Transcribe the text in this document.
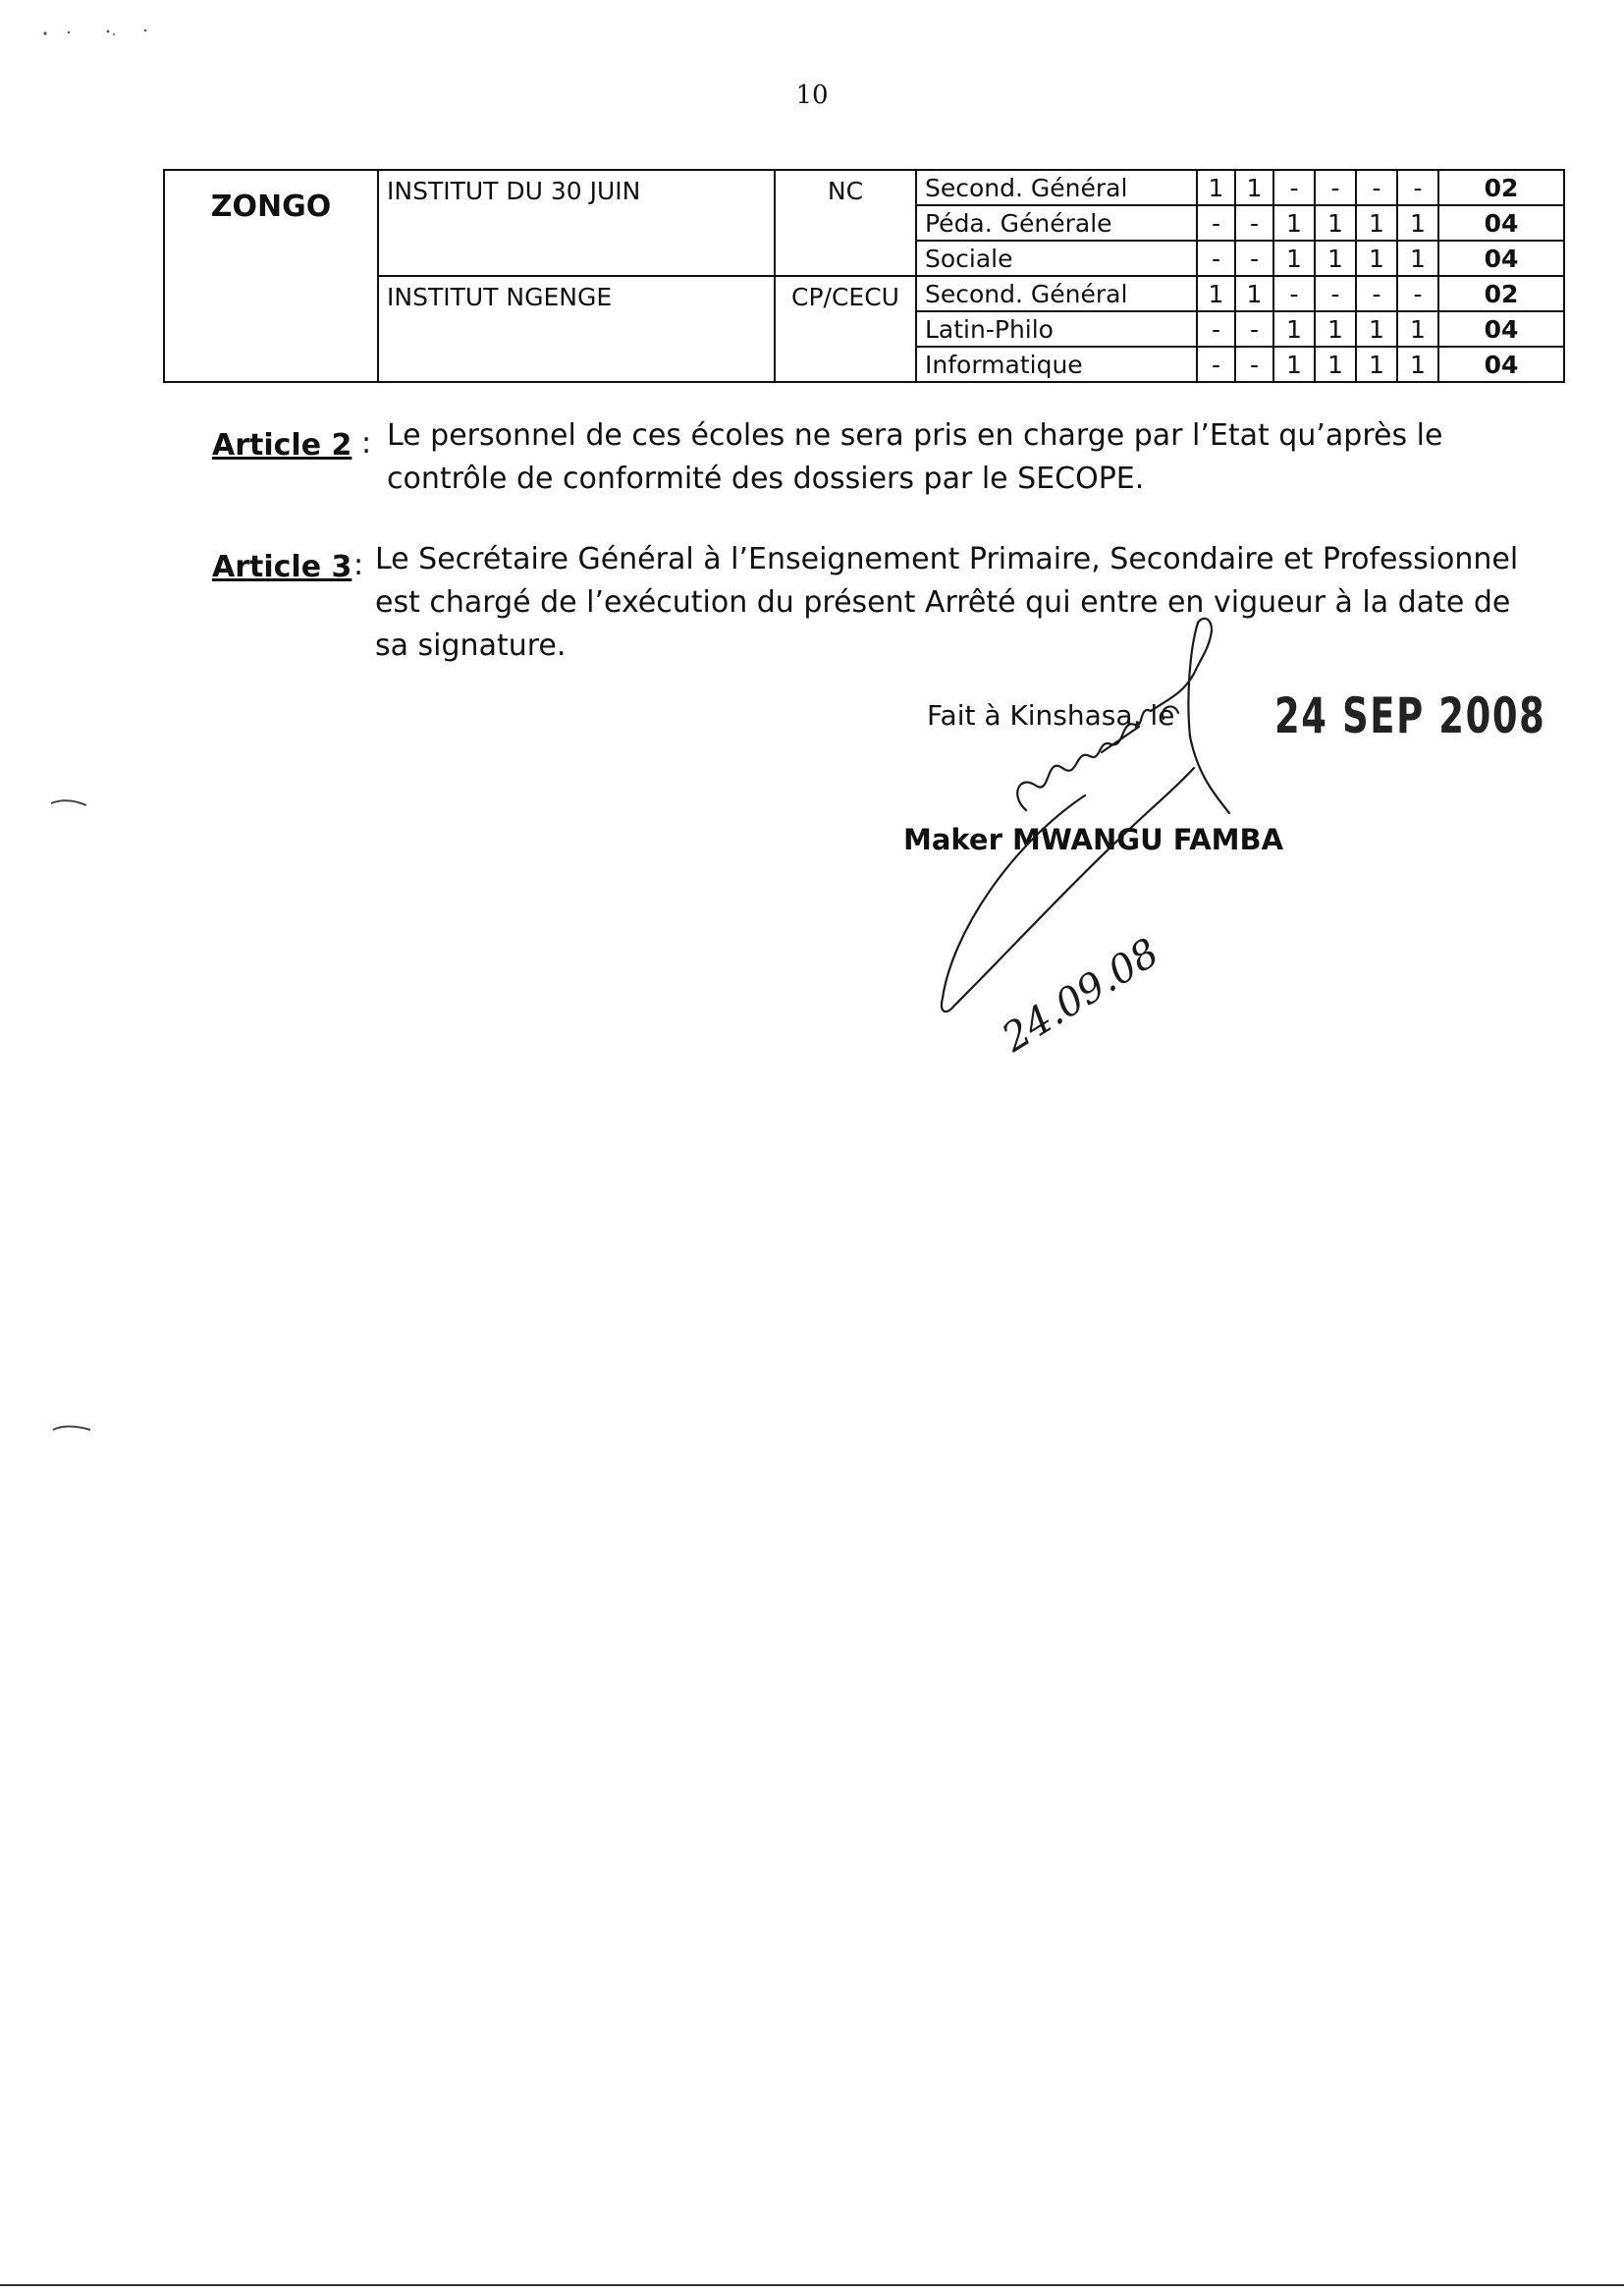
10
ZONGO	INSTITUT DU 30 JUIN	NC	Second. Général	1	1	-	-	-	-	02
			Péda. Générale	-	-	1	1	1	1	04
			Sociale	-	-	1	1	1	1	04
	INSTITUT NGENGE	CP/CECU	Second. Général	1	1	-	-	-	-	02
			Latin-Philo	-	-	1	1	1	1	04
			Informatique	-	-	1	1	1	1	04
Article 2 : Le personnel de ces écoles ne sera pris en charge par l’Etat qu’après le
contrôle de conformité des dossiers par le SECOPE.
Article 3 : Le Secrétaire Général à l’Enseignement Primaire, Secondaire et Professionnel
est chargé de l’exécution du présent Arrêté qui entre en vigueur à la date de
sa signature.
Fait à Kinshasa, le 24 SEP 2008
Maker MWANGU FAMBA
24.09.08
